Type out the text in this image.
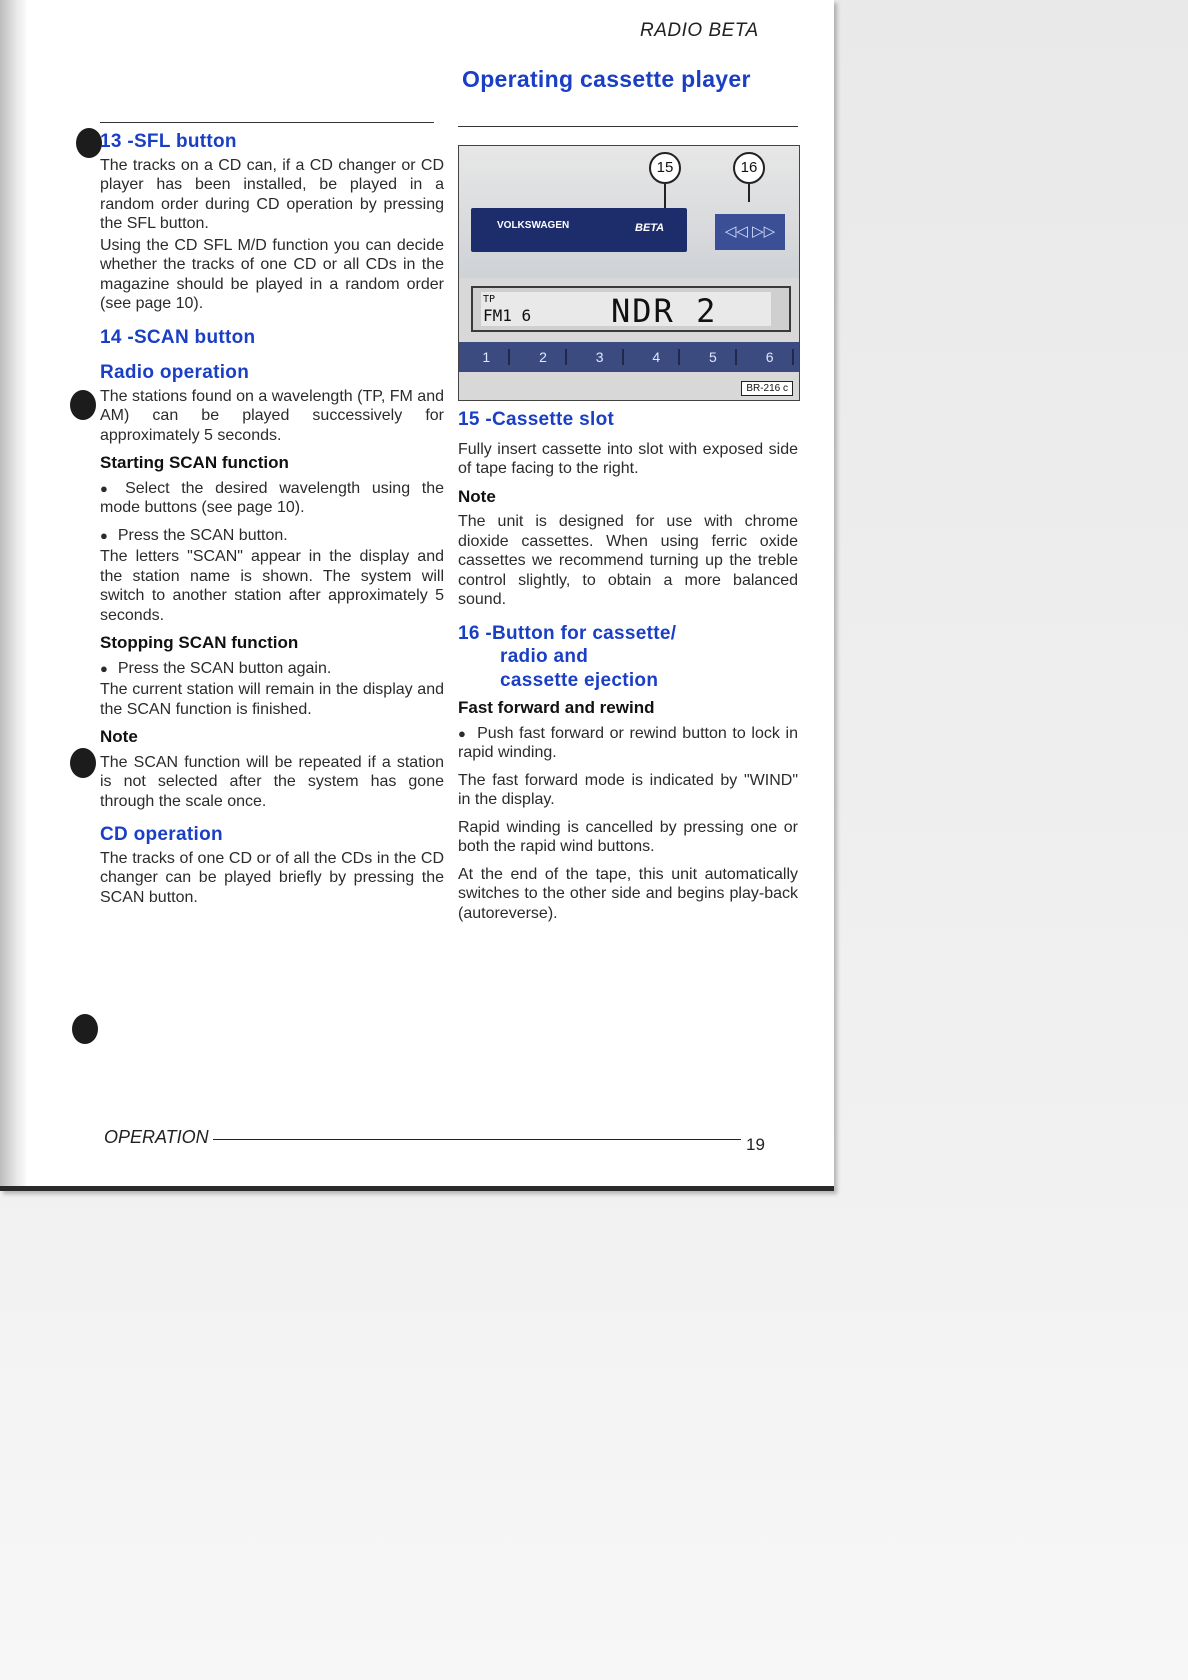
RADIO BETA
Operating cassette player
13 -SFL button

The tracks on a CD can, if a CD changer or CD player has been installed, be played in a random order during CD operation by pressing the SFL button.

Using the CD SFL M/D function you can decide whether the tracks of one CD or all CDs in the magazine should be played in a random order (see page 10).

14 -SCAN button
Radio operation

The stations found on a wavelength (TP, FM and AM) can be played successively for approximately 5 seconds.

Starting SCAN function

● Select the desired wavelength using the mode buttons (see page 10).

● Press the SCAN button.

The letters "SCAN" appear in the display and the station name is shown. The system will switch to another station after approximately 5 seconds.

Stopping SCAN function

● Press the SCAN button again.

The current station will remain in the display and the SCAN function is finished.

Note

The SCAN function will be repeated if a station is not selected after the system has gone through the scale once.

CD operation

The tracks of one CD or of all the CDs in the CD changer can be played briefly by pressing the SCAN button.

15	16
VOLKSWAGEN	BETA	◁◁ ▷▷
TP
FM1 6 NDR 2
1	2	3	4	5	6
BR-216 c
15 -Cassette slot

Fully insert cassette into slot with exposed side of tape facing to the right.

Note

The unit is designed for use with chrome dioxide cassettes. When using ferric oxide cassettes we recommend turning up the treble control slightly, to obtain a more balanced sound.

16 -Button for cassette/
radio and
cassette ejection
Fast forward and rewind

● Push fast forward or rewind button to lock in rapid winding.

The fast forward mode is indicated by "WIND" in the display.

Rapid winding is cancelled by pressing one or both the rapid wind buttons.

At the end of the tape, this unit automatically switches to the other side and begins play-back (autoreverse).

OPERATION	19
